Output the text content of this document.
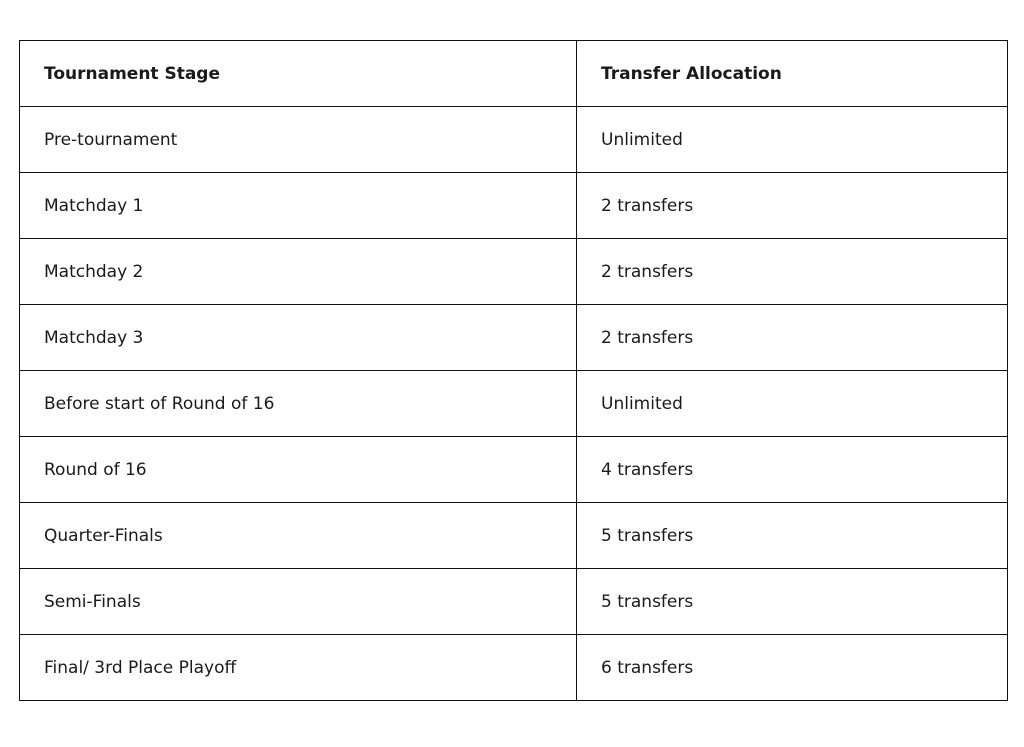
Tournament Stage	Transfer Allocation
Pre-tournament	Unlimited
Matchday 1	2 transfers
Matchday 2	2 transfers
Matchday 3	2 transfers
Before start of Round of 16	Unlimited
Round of 16	4 transfers
Quarter-Finals	5 transfers
Semi-Finals	5 transfers
Final/ 3rd Place Playoff	6 transfers
